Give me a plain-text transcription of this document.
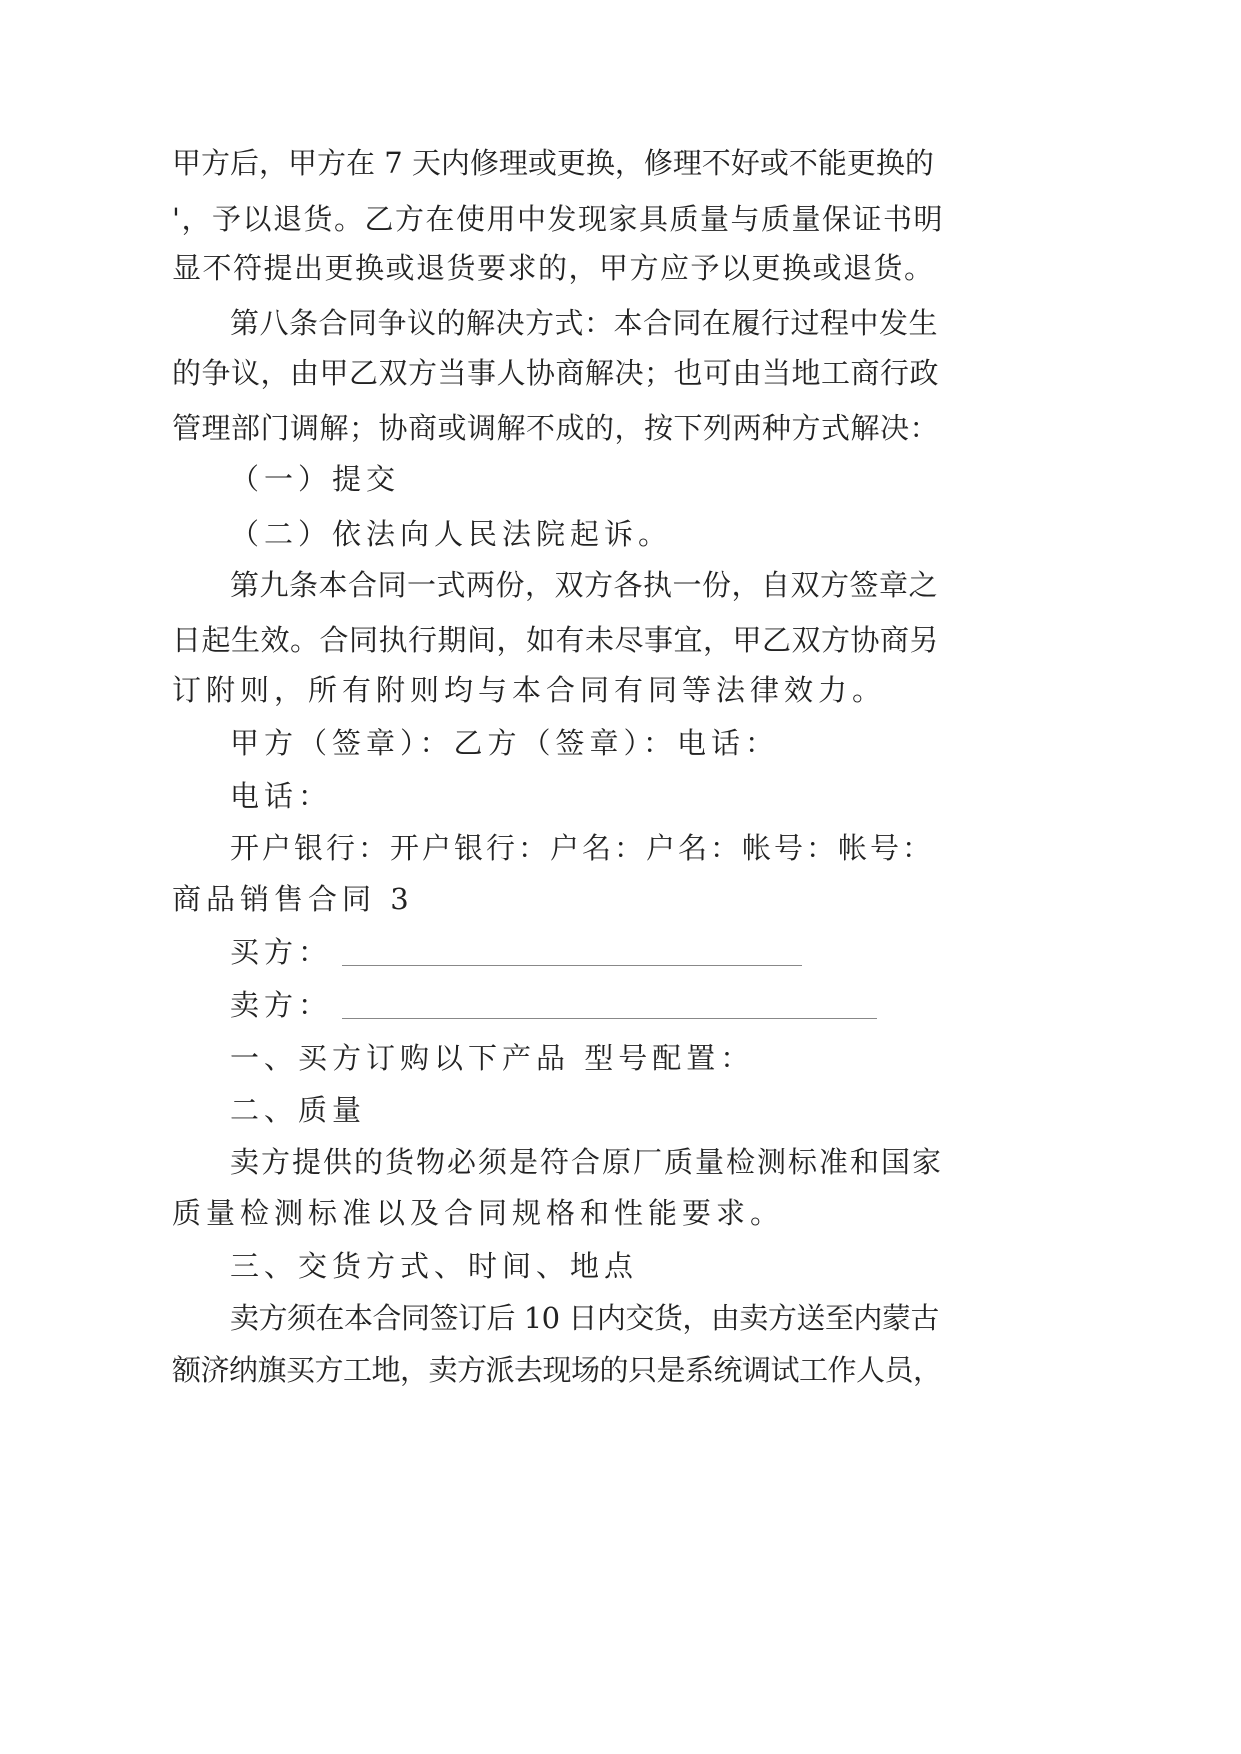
甲方后，甲方在 7 天内修理或更换，修理不好或不能更换的
'，予以退货。乙方在使用中发现家具质量与质量保证书明
显不符提出更换或退货要求的，甲方应予以更换或退货。
第八条合同争议的解决方式：本合同在履行过程中发生
的争议，由甲乙双方当事人协商解决；也可由当地工商行政
管理部门调解；协商或调解不成的，按下列两种方式解决：
（一）提交
（二）依法向人民法院起诉。
第九条本合同一式两份，双方各执一份，自双方签章之
日起生效。合同执行期间，如有未尽事宜，甲乙双方协商另
订附则，所有附则均与本合同有同等法律效力。
甲方（签章）：乙方（签章）：电话：
电话：
开户银行：开户银行：户名：户名：帐号：帐号：
商品销售合同 3
买方：
卖方：
一、买方订购以下产品 型号配置：
二、质量
卖方提供的货物必须是符合原厂质量检测标准和国家
质量检测标准以及合同规格和性能要求。
三、交货方式、时间、地点
卖方须在本合同签订后 10 日内交货，由卖方送至内蒙古
额济纳旗买方工地，卖方派去现场的只是系统调试工作人员，
